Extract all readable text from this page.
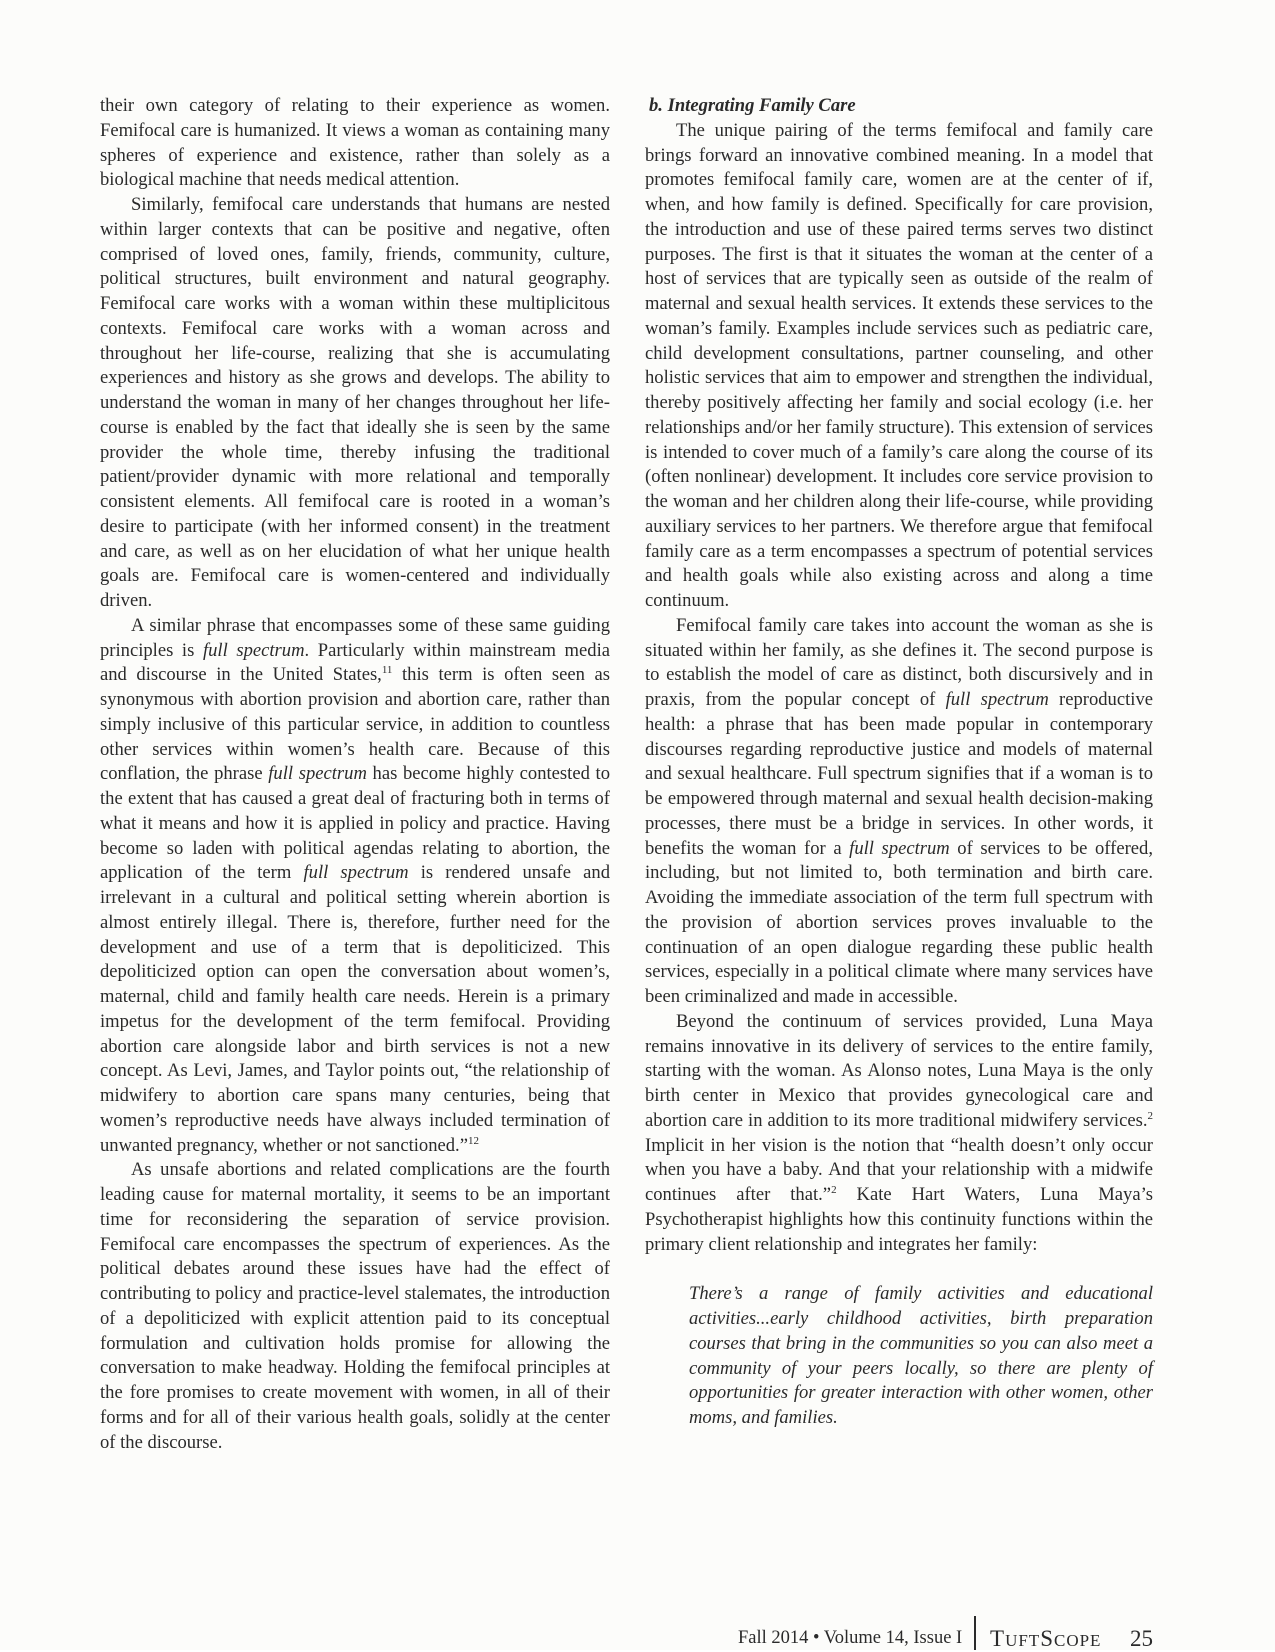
their own category of relating to their experience as women. Femifocal care is humanized. It views a woman as containing many spheres of experience and existence, rather than solely as a biological machine that needs medical attention.

Similarly, femifocal care understands that humans are nested within larger contexts that can be positive and negative, often comprised of loved ones, family, friends, community, culture, political structures, built environment and natural geography. Femifocal care works with a woman within these multiplicitous contexts. Femifocal care works with a woman across and throughout her life-course, realizing that she is accumulating experiences and history as she grows and develops. The ability to understand the woman in many of her changes throughout her life-course is enabled by the fact that ideally she is seen by the same provider the whole time, thereby infusing the traditional patient/provider dynamic with more relational and temporally consistent elements. All femifocal care is rooted in a woman’s desire to participate (with her informed consent) in the treatment and care, as well as on her elucidation of what her unique health goals are. Femifocal care is women-centered and individually driven.

A similar phrase that encompasses some of these same guiding principles is full spectrum. Particularly within mainstream media and discourse in the United States,$^{11}$ this term is often seen as synonymous with abortion provision and abortion care, rather than simply inclusive of this particular service, in addition to countless other services within women’s health care. Because of this conflation, the phrase full spectrum has become highly contested to the extent that has caused a great deal of fracturing both in terms of what it means and how it is applied in policy and practice. Having become so laden with political agendas relating to abortion, the application of the term full spectrum is rendered unsafe and irrelevant in a cultural and political setting wherein abortion is almost entirely illegal. There is, therefore, further need for the development and use of a term that is depoliticized. This depoliticized option can open the conversation about women’s, maternal, child and family health care needs. Herein is a primary impetus for the development of the term femifocal. Providing abortion care alongside labor and birth services is not a new concept. As Levi, James, and Taylor points out, “the relationship of midwifery to abortion care spans many centuries, being that women’s reproductive needs have always included termination of unwanted pregnancy, whether or not sanctioned.”$^{12}$

As unsafe abortions and related complications are the fourth leading cause for maternal mortality, it seems to be an important time for reconsidering the separation of service provision. Femifocal care encompasses the spectrum of experiences. As the political debates around these issues have had the effect of contributing to policy and practice-level stalemates, the introduction of a depoliticized with explicit attention paid to its conceptual formulation and cultivation holds promise for allowing the conversation to make headway. Holding the femifocal principles at the fore promises to create movement with women, in all of their forms and for all of their various health goals, solidly at the center of the discourse.

b. Integrating Family Care

The unique pairing of the terms femifocal and family care brings forward an innovative combined meaning. In a model that promotes femifocal family care, women are at the center of if, when, and how family is defined. Specifically for care provision, the introduction and use of these paired terms serves two distinct purposes. The first is that it situates the woman at the center of a host of services that are typically seen as outside of the realm of maternal and sexual health services. It extends these services to the woman’s family. Examples include services such as pediatric care, child development consultations, partner counseling, and other holistic services that aim to empower and strengthen the individual, thereby positively affecting her family and social ecology (i.e. her relationships and/or her family structure). This extension of services is intended to cover much of a family’s care along the course of its (often nonlinear) development. It includes core service provision to the woman and her children along their life-course, while providing auxiliary services to her partners. We therefore argue that femifocal family care as a term encompasses a spectrum of potential services and health goals while also existing across and along a time continuum.

Femifocal family care takes into account the woman as she is situated within her family, as she defines it. The second purpose is to establish the model of care as distinct, both discursively and in praxis, from the popular concept of full spectrum reproductive health: a phrase that has been made popular in contemporary discourses regarding reproductive justice and models of maternal and sexual healthcare. Full spectrum signifies that if a woman is to be empowered through maternal and sexual health decision-making processes, there must be a bridge in services. In other words, it benefits the woman for a full spectrum of services to be offered, including, but not limited to, both termination and birth care. Avoiding the immediate association of the term full spectrum with the provision of abortion services proves invaluable to the continuation of an open dialogue regarding these public health services, especially in a political climate where many services have been criminalized and made in accessible.

Beyond the continuum of services provided, Luna Maya remains innovative in its delivery of services to the entire family, starting with the woman. As Alonso notes, Luna Maya is the only birth center in Mexico that provides gynecological care and abortion care in addition to its more traditional midwifery services.$^2$ Implicit in her vision is the notion that “health doesn’t only occur when you have a baby. And that your relationship with a midwife continues after that.”$^2$ Kate Hart Waters, Luna Maya’s Psychotherapist highlights how this continuity functions within the primary client relationship and integrates her family:

There’s a range of family activities and educational activities...early childhood activities, birth preparation courses that bring in the communities so you can also meet a community of your peers locally, so there are plenty of opportunities for greater interaction with other women, other moms, and families.
Fall 2014 • Volume 14, Issue I TUFTSCOPE 25
